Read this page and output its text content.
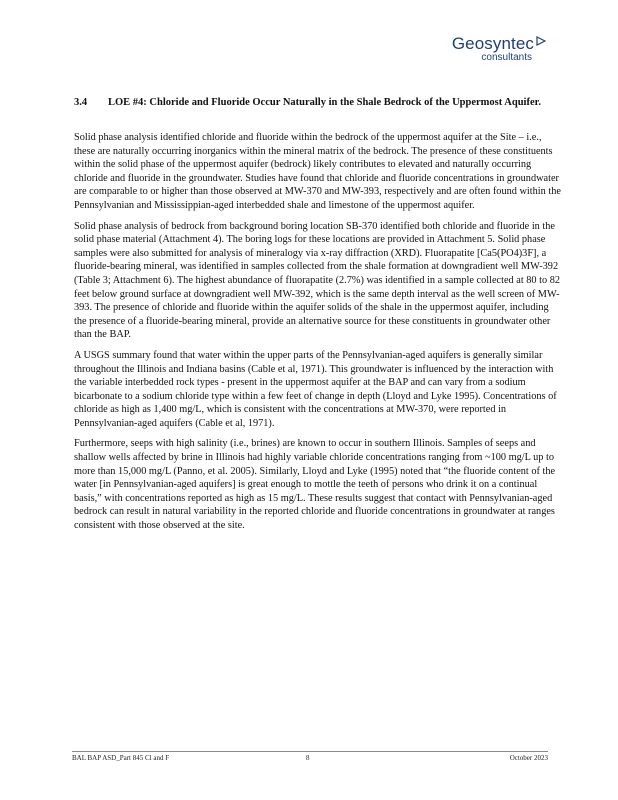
Geosyntec
consultants
3.4 LOE #4: Chloride and Fluoride Occur Naturally in the Shale Bedrock of the Uppermost Aquifer.

Solid phase analysis identified chloride and fluoride within the bedrock of the uppermost aquifer at the Site – i.e., these are naturally occurring inorganics within the mineral matrix of the bedrock. The presence of these constituents within the solid phase of the uppermost aquifer (bedrock) likely contributes to elevated and naturally occurring chloride and fluoride in the groundwater. Studies have found that chloride and fluoride concentrations in groundwater are comparable to or higher than those observed at MW-370 and MW-393, respectively and are often found within the Pennsylvanian and Mississippian-aged interbedded shale and limestone of the uppermost aquifer.

Solid phase analysis of bedrock from background boring location SB-370 identified both chloride and fluoride in the solid phase material (Attachment 4). The boring logs for these locations are provided in Attachment 5. Solid phase samples were also submitted for analysis of mineralogy via x-ray diffraction (XRD). Fluorapatite [Ca5(PO4)3F], a fluoride-bearing mineral, was identified in samples collected from the shale formation at downgradient well MW-392 (Table 3; Attachment 6). The highest abundance of fluorapatite (2.7%) was identified in a sample collected at 80 to 82 feet below ground surface at downgradient well MW-392, which is the same depth interval as the well screen of MW-393. The presence of chloride and fluoride within the aquifer solids of the shale in the uppermost aquifer, including the presence of a fluoride-bearing mineral, provide an alternative source for these constituents in groundwater other than the BAP.

A USGS summary found that water within the upper parts of the Pennsylvanian-aged aquifers is generally similar throughout the Illinois and Indiana basins (Cable et al, 1971). This groundwater is influenced by the interaction with the variable interbedded rock types - present in the uppermost aquifer at the BAP and can vary from a sodium bicarbonate to a sodium chloride type within a few feet of change in depth (Lloyd and Lyke 1995). Concentrations of chloride as high as 1,400 mg/L, which is consistent with the concentrations at MW-370, were reported in Pennsylvanian-aged aquifers (Cable et al, 1971).

Furthermore, seeps with high salinity (i.e., brines) are known to occur in southern Illinois. Samples of seeps and shallow wells affected by brine in Illinois had highly variable chloride concentrations ranging from ~100 mg/L up to more than 15,000 mg/L (Panno, et al. 2005). Similarly, Lloyd and Lyke (1995) noted that “the fluoride content of the water [in Pennsylvanian-aged aquifers] is great enough to mottle the teeth of persons who drink it on a continual basis,” with concentrations reported as high as 15 mg/L. These results suggest that contact with Pennsylvanian-aged bedrock can result in natural variability in the reported chloride and fluoride concentrations in groundwater at ranges consistent with those observed at the site.

BAL BAP ASD_Part 845 Cl and F	8	October 2023
